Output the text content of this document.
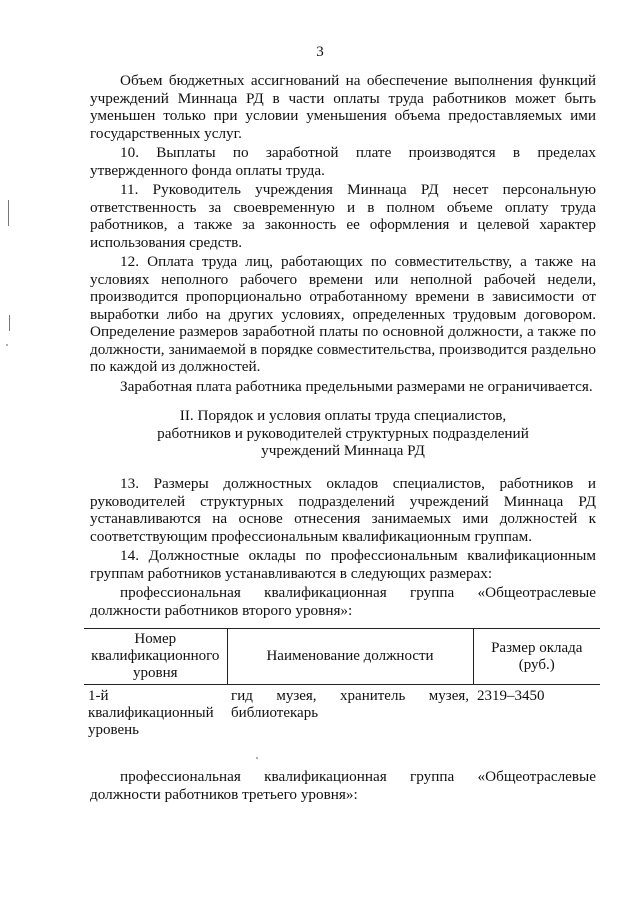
3

Объем бюджетных ассигнований на обеспечение выполнения функций учреждений Миннаца РД в части оплаты труда работников может быть уменьшен только при условии уменьшения объема предоставляемых ими государственных услуг.

10. Выплаты по заработной плате производятся в пределах утвержденного фонда оплаты труда.

11. Руководитель учреждения Миннаца РД несет персональную ответственность за своевременную и в полном объеме оплату труда работников, а также за законность ее оформления и целевой характер использования средств.

12. Оплата труда лиц, работающих по совместительству, а также на условиях неполного рабочего времени или неполной рабочей недели, производится пропорционально отработанному времени в зависимости от выработки либо на других условиях, определенных трудовым договором. Определение размеров заработной платы по основной должности, а также по должности, занимаемой в порядке совместительства, производится раздельно по каждой из должностей.

Заработная плата работника предельными размерами не ограничивается.

II. Порядок и условия оплаты труда специалистов,
работников и руководителей структурных подразделений
учреждений Миннаца РД

13. Размеры должностных окладов специалистов, работников и руководителей структурных подразделений учреждений Миннаца РД устанавливаются на основе отнесения занимаемых ими должностей к соответствующим профессиональным квалификационным группам.

14. Должностные оклады по профессиональным квалификационным группам работников устанавливаются в следующих размерах:

профессиональная квалификационная группа «Общеотраслевые должности работников второго уровня»:

Номер квалификационного уровня	Наименование должности	Размер оклада (руб.)
1-й квалификационный уровень	гид музея, хранитель музея, библиотекарь	2319–3450

профессиональная квалификационная группа «Общеотраслевые должности работников третьего уровня»:
